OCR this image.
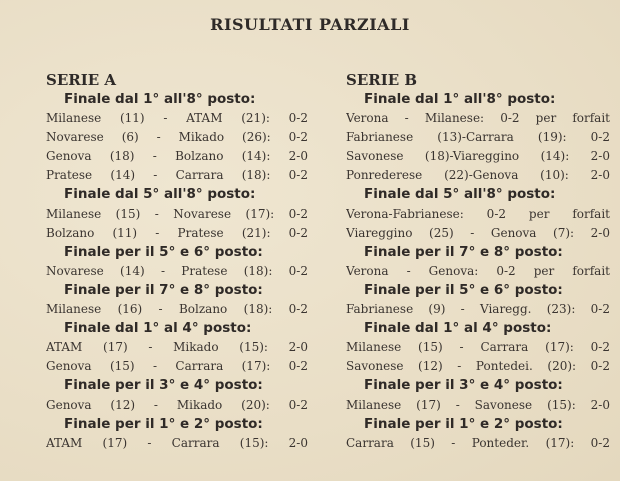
RISULTATI PARZIALI
SERIE A
Finale dal 1° all'8° posto:
Milanese (11) - ATAM (21): 0-2
Novarese (6) - Mikado (26): 0-2
Genova (18) - Bolzano (14): 2-0
Pratese (14) - Carrara (18): 0-2
Finale dal 5° all'8° posto:
Milanese (15) - Novarese (17): 0-2
Bolzano (11) - Pratese (21): 0-2
Finale per il 5° e 6° posto:
Novarese (14) - Pratese (18): 0-2
Finale per il 7° e 8° posto:
Milanese (16) - Bolzano (18): 0-2
Finale dal 1° al 4° posto:
ATAM (17) - Mikado (15): 2-0
Genova (15) - Carrara (17): 0-2
Finale per il 3° e 4° posto:
Genova (12) - Mikado (20): 0-2
Finale per il 1° e 2° posto:
ATAM (17) - Carrara (15): 2-0
SERIE B
Finale dal 1° all'8° posto:
Verona - Milanese: 0-2 per forfait
Fabrianese (13)-Carrara (19): 0-2
Savonese (18)-Viareggino (14): 2-0
Ponrederese (22)-Genova (10): 2-0
Finale dal 5° all'8° posto:
Verona-Fabrianese: 0-2 per forfait
Viareggino (25) - Genova (7): 2-0
Finale per il 7° e 8° posto:
Verona - Genova: 0-2 per forfait
Finale per il 5° e 6° posto:
Fabrianese (9) - Viaregg. (23): 0-2
Finale dal 1° al 4° posto:
Milanese (15) - Carrara (17): 0-2
Savonese (12) - Pontedei. (20): 0-2
Finale per il 3° e 4° posto:
Milanese (17) - Savonese (15): 2-0
Finale per il 1° e 2° posto:
Carrara (15) - Ponteder. (17): 0-2
